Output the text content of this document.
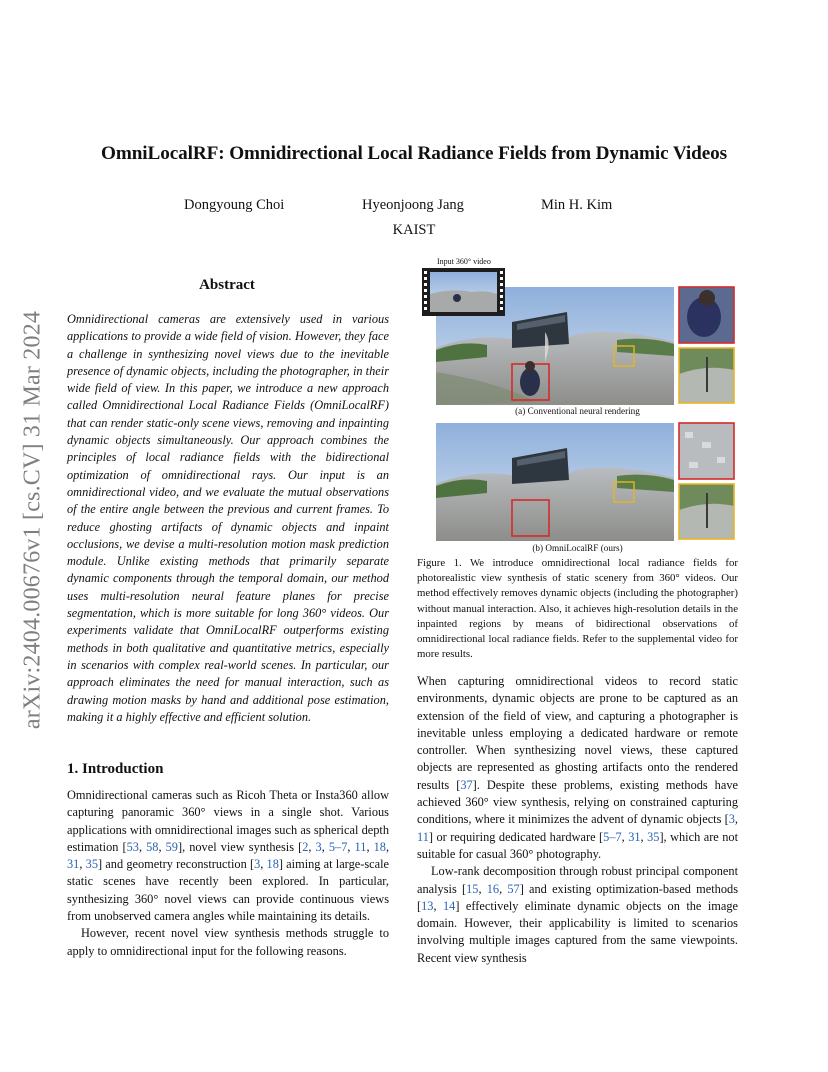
arXiv:2404.00676v1 [cs.CV] 31 Mar 2024
OmniLocalRF: Omnidirectional Local Radiance Fields from Dynamic Videos
Dongyoung Choi	Hyeonjoong Jang	Min H. Kim
KAIST
Abstract

Omnidirectional cameras are extensively used in various applications to provide a wide field of vision. However, they face a challenge in synthesizing novel views due to the inevitable presence of dynamic objects, including the photographer, in their wide field of view. In this paper, we introduce a new approach called Omnidirectional Local Radiance Fields (OmniLocalRF) that can render static-only scene views, removing and inpainting dynamic objects simultaneously. Our approach combines the principles of local radiance fields with the bidirectional optimization of omnidirectional rays. Our input is an omnidirectional video, and we evaluate the mutual observations of the entire angle between the previous and current frames. To reduce ghosting artifacts of dynamic objects and inpaint occlusions, we devise a multi-resolution motion mask prediction module. Unlike existing methods that primarily separate dynamic components through the temporal domain, our method uses multi-resolution neural feature planes for precise segmentation, which is more suitable for long 360° videos. Our experiments validate that OmniLocalRF outperforms existing methods in both qualitative and quantitative metrics, especially in scenarios with complex real-world scenes. In particular, our approach eliminates the need for manual interaction, such as drawing motion masks by hand and additional pose estimation, making it a highly effective and efficient solution.

1. Introduction

Omnidirectional cameras such as Ricoh Theta or Insta360 allow capturing panoramic 360° views in a single shot. Various applications with omnidirectional images such as spherical depth estimation [53, 58, 59], novel view synthesis [2, 3, 5–7, 11, 18, 31, 35] and geometry reconstruction [3, 18] aiming at large-scale static scenes have recently been explored. In particular, synthesizing 360° novel views can provide continuous views from unobserved camera angles while maintaining its details.

However, recent novel view synthesis methods struggle to apply to omnidirectional input for the following reasons.

Input 360° video
(a) Conventional neural rendering
(b) OmniLocalRF (ours)
Figure 1. We introduce omnidirectional local radiance fields for photorealistic view synthesis of static scenery from 360° videos. Our method effectively removes dynamic objects (including the photographer) without manual interaction. Also, it achieves high-resolution details in the inpainted regions by means of bidirectional observations of omnidirectional local radiance fields. Refer to the supplemental video for more results.

When capturing omnidirectional videos to record static environments, dynamic objects are prone to be captured as an extension of the field of view, and capturing a photographer is inevitable unless employing a dedicated hardware or remote controller. When synthesizing novel views, these captured objects are represented as ghosting artifacts onto the rendered results [37]. Despite these problems, existing methods have achieved 360° view synthesis, relying on constrained capturing conditions, where it minimizes the advent of dynamic objects [3, 11] or requiring dedicated hardware [5–7, 31, 35], which are not suitable for casual 360° photography.

Low-rank decomposition through robust principal component analysis [15, 16, 57] and existing optimization-based methods [13, 14] effectively eliminate dynamic objects on the image domain. However, their applicability is limited to scenarios involving multiple images captured from the same viewpoints. Recent view synthesis
